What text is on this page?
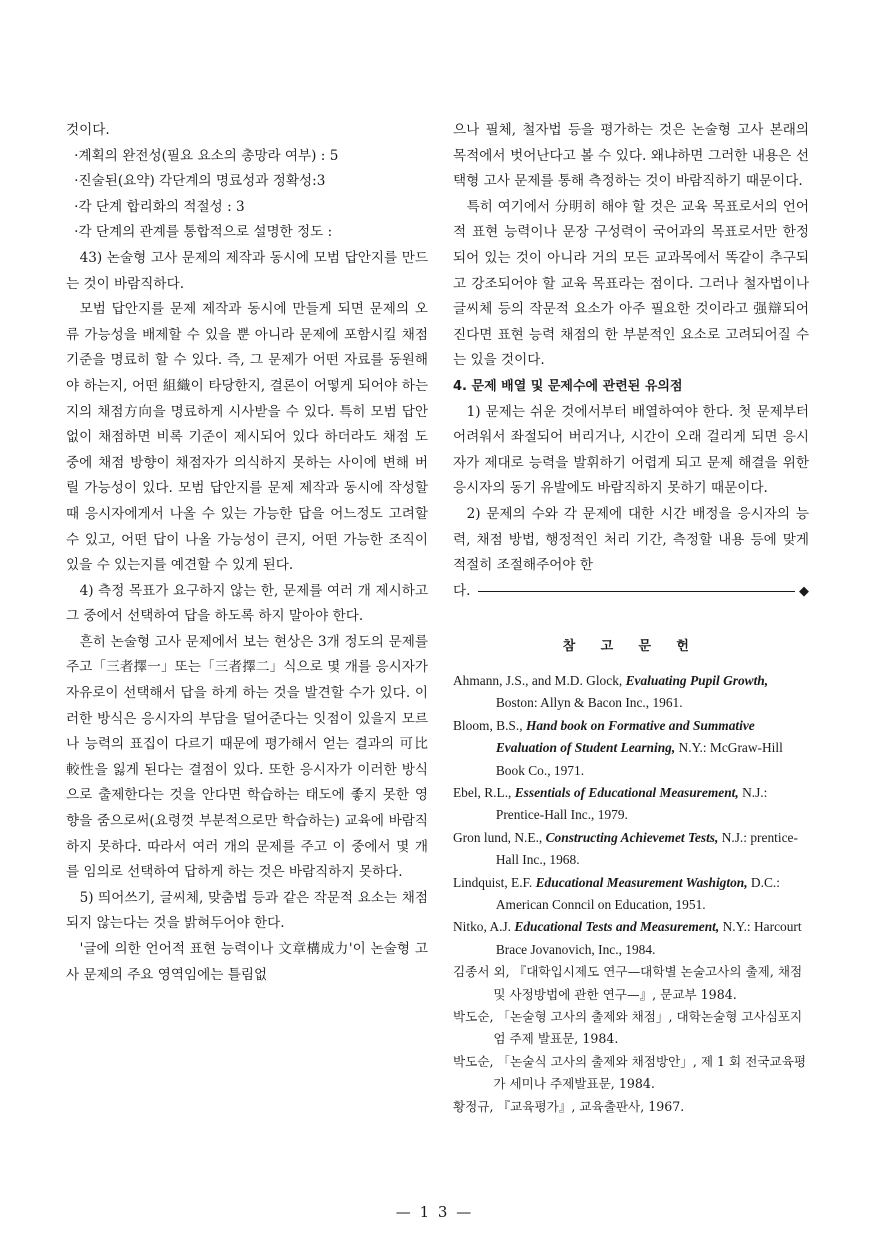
것이다.

·계획의 완전성(필요 요소의 총망라 여부) : 5

·진술된(요약) 각단계의 명료성과 정확성:3

·각 단계 합리화의 적절성 : 3

·각 단계의 관계를 통합적으로 설명한 정도 :

43) 논술형 고사 문제의 제작과 동시에 모범 답안지를 만드는 것이 바람직하다.

모범 답안지를 문제 제작과 동시에 만들게 되면 문제의 오류 가능성을 배제할 수 있을 뿐 아니라 문제에 포함시킬 채점 기준을 명료히 할 수 있다. 즉, 그 문제가 어떤 자료를 동원해야 하는지, 어떤 組織이 타당한지, 결론이 어떻게 되어야 하는지의 채점方向을 명료하게 시사받을 수 있다. 특히 모범 답안 없이 채점하면 비록 기준이 제시되어 있다 하더라도 채점 도중에 채점 방향이 채점자가 의식하지 못하는 사이에 변해 버릴 가능성이 있다. 모범 답안지를 문제 제작과 동시에 작성할 때 응시자에게서 나올 수 있는 가능한 답을 어느정도 고려할 수 있고, 어떤 답이 나올 가능성이 큰지, 어떤 가능한 조직이 있을 수 있는지를 예견할 수 있게 된다.

4) 측정 목표가 요구하지 않는 한, 문제를 여러 개 제시하고 그 중에서 선택하여 답을 하도록 하지 말아야 한다.

흔히 논술형 고사 문제에서 보는 현상은 3개 정도의 문제를 주고「三者擇一」또는「三者擇二」식으로 몇 개를 응시자가 자유로이 선택해서 답을 하게 하는 것을 발견할 수가 있다. 이러한 방식은 응시자의 부담을 덜어준다는 잇점이 있을지 모르나 능력의 표집이 다르기 때문에 평가해서 얻는 결과의 可比較性을 잃게 된다는 결점이 있다. 또한 응시자가 이러한 방식으로 출제한다는 것을 안다면 학습하는 태도에 좋지 못한 영향을 줌으로써(요령껏 부분적으로만 학습하는) 교육에 바람직하지 못하다. 따라서 여러 개의 문제를 주고 이 중에서 몇 개를 임의로 선택하여 답하게 하는 것은 바람직하지 못하다.

5) 띄어쓰기, 글씨체, 맞춤법 등과 같은 작문적 요소는 채점되지 않는다는 것을 밝혀두어야 한다.

'글에 의한 언어적 표현 능력이나 文章構成力'이 논술형 고사 문제의 주요 영역임에는 틀림없

으나 필체, 철자법 등을 평가하는 것은 논술형 고사 본래의 목적에서 벗어난다고 볼 수 있다. 왜냐하면 그러한 내용은 선택형 고사 문제를 통해 측정하는 것이 바람직하기 때문이다.

특히 여기에서 分明히 해야 할 것은 교육 목표로서의 언어적 표현 능력이나 문장 구성력이 국어과의 목표로서만 한정되어 있는 것이 아니라 거의 모든 교과목에서 똑같이 추구되고 강조되어야 할 교육 목표라는 점이다. 그러나 철자법이나 글씨체 등의 작문적 요소가 아주 필요한 것이라고 强辯되어진다면 표현 능력 채점의 한 부분적인 요소로 고려되어질 수는 있을 것이다.

4. 문제 배열 및 문제수에 관련된 유의점

1) 문제는 쉬운 것에서부터 배열하여야 한다. 첫 문제부터 어려워서 좌절되어 버리거나, 시간이 오래 걸리게 되면 응시자가 제대로 능력을 발휘하기 어렵게 되고 문제 해결을 위한 응시자의 동기 유발에도 바람직하지 못하기 때문이다.

2) 문제의 수와 각 문제에 대한 시간 배정을 응시자의 능력, 채점 방법, 행정적인 처리 기간, 측정할 내용 등에 맞게 적절히 조절해주어야 한

다.	◆

참 고 문 헌

Ahmann, J.S., and M.D. Glock, Evaluating Pupil Growth, Boston: Allyn & Bacon Inc., 1961.

Bloom, B.S., Hand book on Formative and Summative Evaluation of Student Learning, N.Y.: McGraw-Hill Book Co., 1971.

Ebel, R.L., Essentials of Educational Measurement, N.J.: Prentice-Hall Inc., 1979.

Gron lund, N.E., Constructing Achievemet Tests, N.J.: prentice-Hall Inc., 1968.

Lindquist, E.F. Educational Measurement Washigton, D.C.: American Conncil on Education, 1951.

Nitko, A.J. Educational Tests and Measurement, N.Y.: Harcourt Brace Jovanovich, Inc., 1984.

김종서 외, 『대학입시제도 연구—대학별 논술고사의 출제, 채점 및 사정방법에 관한 연구—』, 문교부 1984.

박도순, 「논술형 고사의 출제와 채점」, 대학논술형 고사심포지엄 주제 발표문, 1984.

박도순, 「논술식 고사의 출제와 채점방안」, 제 1 회 전국교육평가 세미나 주제발표문, 1984.

황정규, 『교육평가』, 교육출판사, 1967.

— 1 3 —
